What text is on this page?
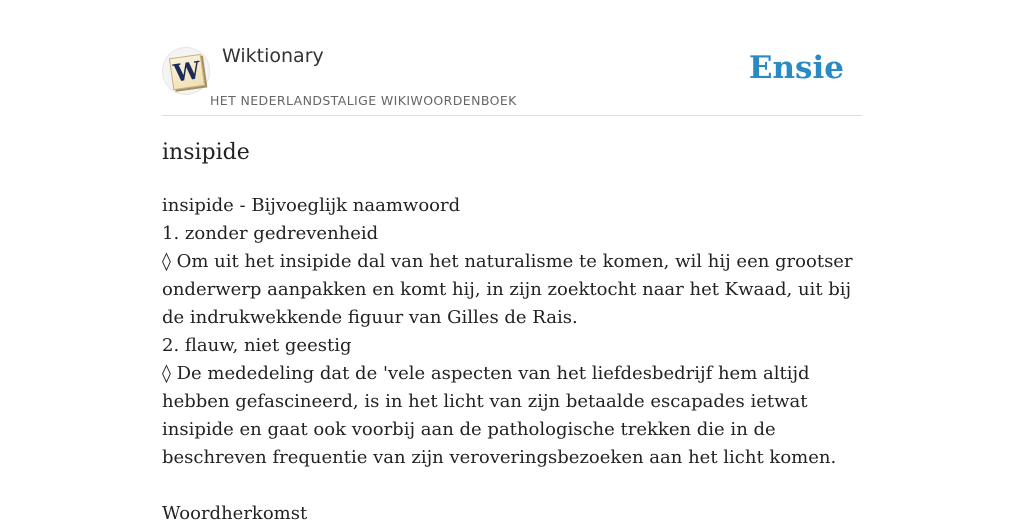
W Wiktionary
HET NEDERLANDSTALIGE WIKIWOORDENBOEK
Ensie
insipide

insipide - Bijvoeglijk naamwoord

1. zonder gedrevenheid

◊ Om uit het insipide dal van het naturalisme te komen, wil hij een grootser onderwerp aanpakken en komt hij, in zijn zoektocht naar het Kwaad, uit bij de indrukwekkende figuur van Gilles de Rais.

2. flauw, niet geestig

◊ De mededeling dat de 'vele aspecten van het liefdesbedrijf hem altijd hebben gefascineerd, is in het licht van zijn betaalde escapades ietwat insipide en gaat ook voorbij aan de pathologische trekken die in de beschreven frequentie van zijn veroveringsbezoeken aan het licht komen.

Woordherkomst
